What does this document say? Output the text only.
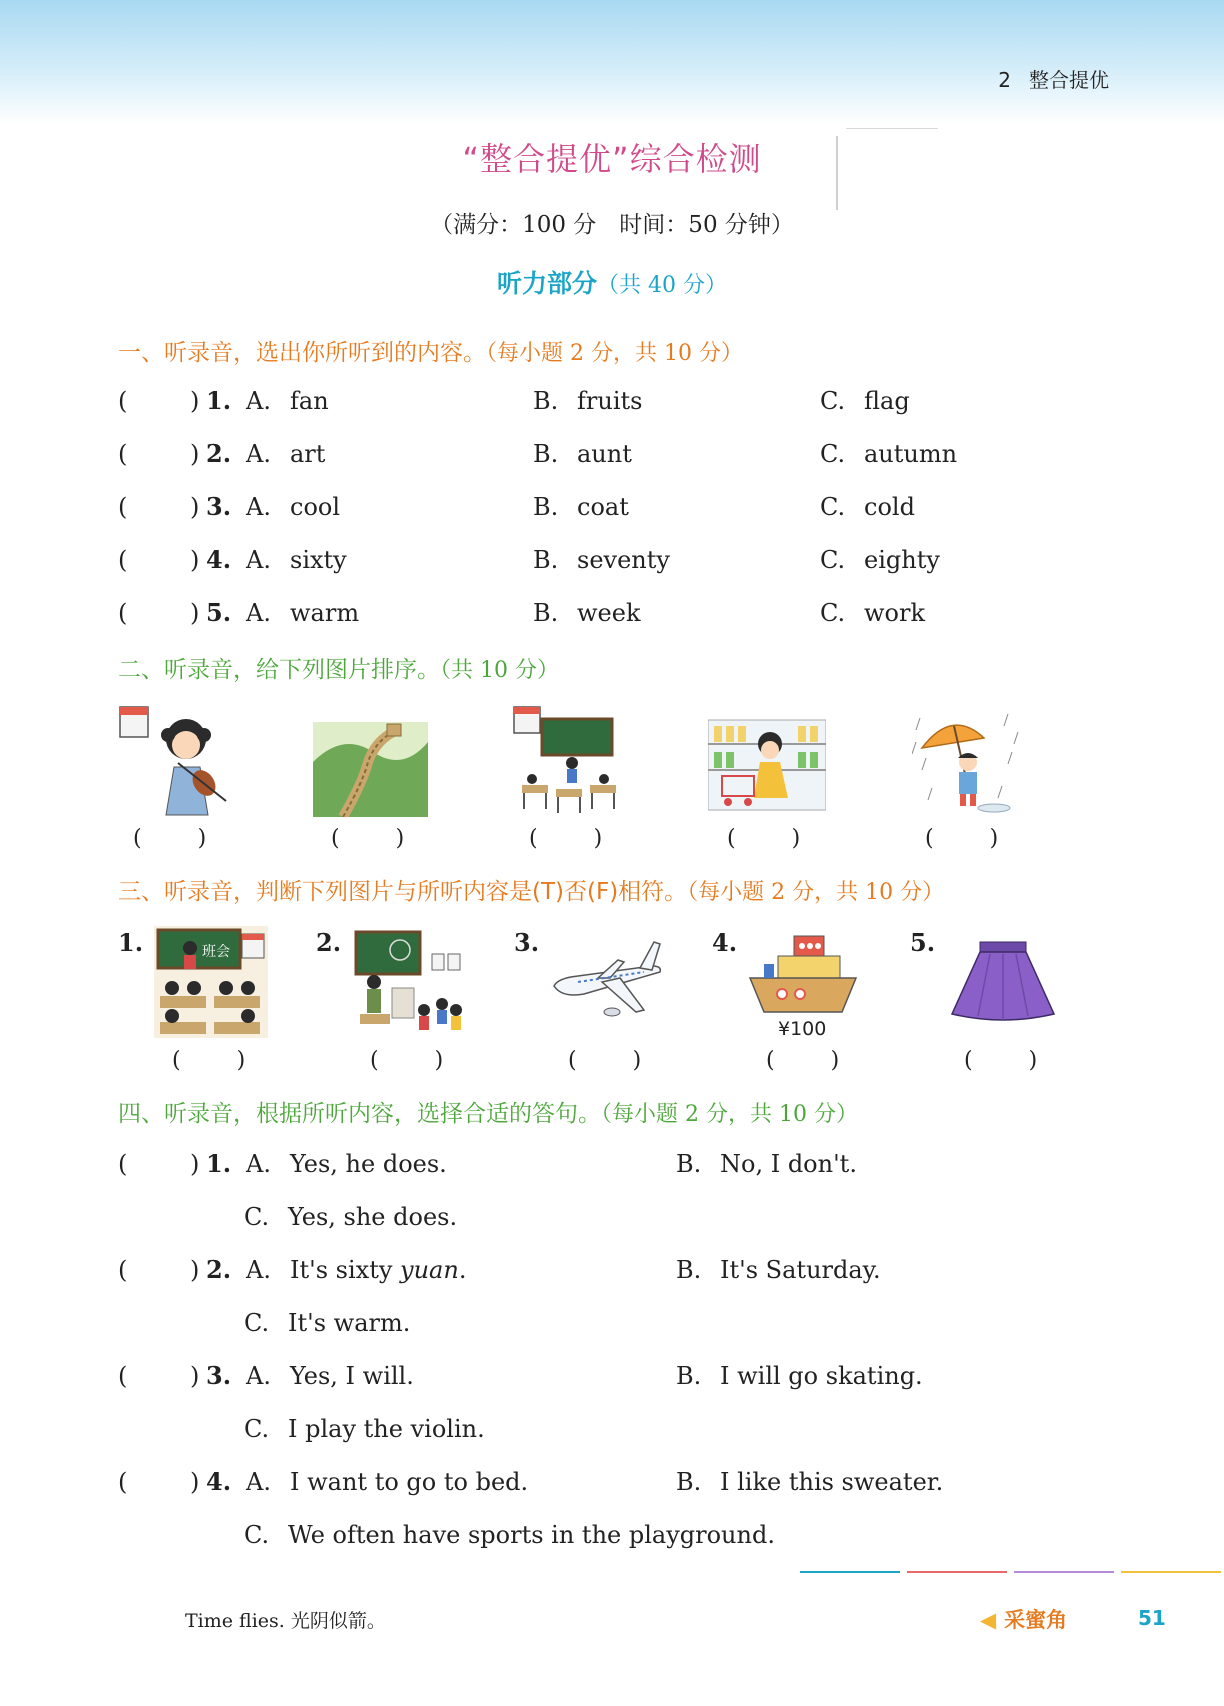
2 整合提优
“整合提优”综合检测
（满分：100 分　时间：50 分钟）
听力部分（共 40 分）
一、听录音，选出你所听到的内容。（每小题 2 分，共 10 分）
(	) 1. A. fan	B. fruits	C. flag
(	) 2. A. art	B. aunt	C. autumn
(	) 3. A. cool	B. coat	C. cold
(	) 4. A. sixty	B. seventy	C. eighty
(	) 5. A. warm	B. week	C. work
二、听录音，给下列图片排序。（共 10 分）
(	)	(	)	(	)	(	)	(	)
三、听录音，判断下列图片与所听内容是(T)否(F)相符。（每小题 2 分，共 10 分）
1.	2.	3.	4.	5.
班会
¥100
(	)	(	)	(	)	(	)	(	)
四、听录音，根据所听内容，选择合适的答句。（每小题 2 分，共 10 分）
(	) 1. A. Yes, he does.	B. No, I don't.
C. Yes, she does.
(	) 2. A. It's sixty yuan.	B. It's Saturday.
C. It's warm.
(	) 3. A. Yes, I will.	B. I will go skating.
C. I play the violin.
(	) 4. A. I want to go to bed.	B. I like this sweater.
C. We often have sports in the playground.
Time flies. 光阴似箭。	◀ 采蜜角	51
